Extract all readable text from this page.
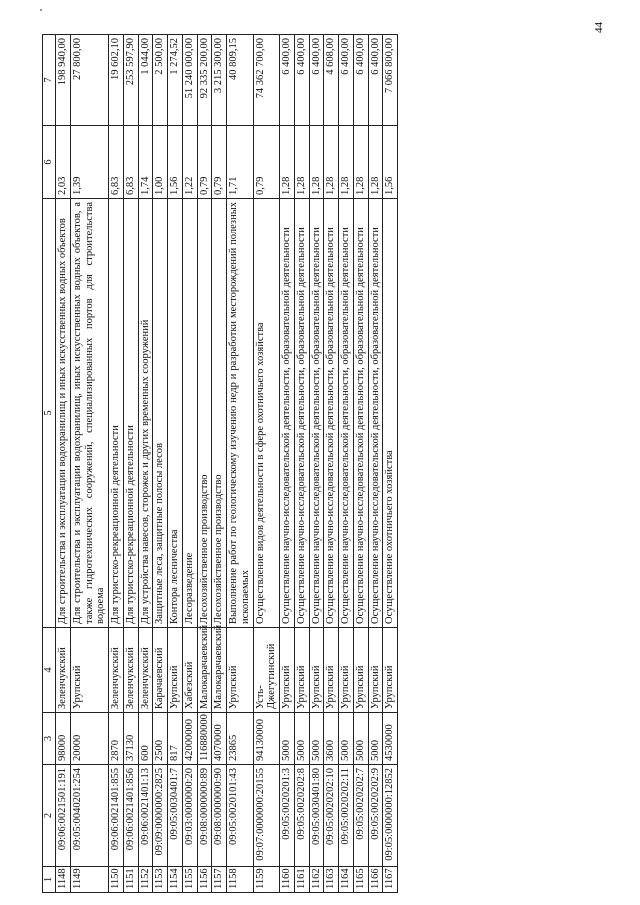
44
1	2	3	4	5	6	7
1148	09:06:0021501:191	98000	Зеленчукский	Для строительства и эксплуатации водохранилищ и иных искусственных водных объектов	2,03	198 940,00
1149	09:05:0040201:254	20000	Урупский	Для строительства и эксплуатации водохранилищ, иных искусственных водных объектов, а также гидротехнических сооружений, специализированных портов для строительства водоема	1,39	27 800,00
1150	09:06:0021401:855	2870	Зеленчукский	Для туристско-рекреационной деятельности	6,83	19 602,10
1151	09:06:0021401:856	37130	Зеленчукский	Для туристско-рекреационной деятельности	6,83	253 597,90
1152	09:06:0021401:13	600	Зеленчукский	Для устройства навесов, сторожек и других временных сооружений	1,74	1 044,00
1153	09:09:0000000:2825	2500	Карачаевский	Защитные леса, защитные полосы лесов	1,00	2 500,00
1154	09:05:0030401:7	817	Урупский	Контора лесничества	1,56	1 274,52
1155	09:03:0000000:20	42000000	Хабезский	Лесоразведение	1,22	51 240 000,00
1156	09:08:0000000:89	116880000	Малокарачаевский	Лесохозяйственное производство	0,79	92 335 200,00
1157	09:08:0000000:90	4070000	Малокарачаевский	Лесохозяйственное производство	0,79	3 215 300,00
1158	09:05:0020101:43	23865	Урупский	Выполнение работ по геологическому изучению недр и разработки месторождений полезных ископаемых	1,71	40 809,15
1159	09:07:0000000:20155	94130000	Усть-Джегутинский	Осуществление видов деятельности в сфере охотничьего хозяйства	0,79	74 362 700,00
1160	09:05:0020201:3	5000	Урупский	Осуществление научно-исследовательской деятельности, образовательной деятельности	1,28	6 400,00
1161	09:05:0020202:8	5000	Урупский	Осуществление научно-исследовательской деятельности, образовательной деятельности	1,28	6 400,00
1162	09:05:0030401:80	5000	Урупский	Осуществление научно-исследовательской деятельности, образовательной деятельности	1,28	6 400,00
1163	09:05:0020202:10	3600	Урупский	Осуществление научно-исследовательской деятельности, образовательной деятельности	1,28	4 608,00
1164	09:05:0020202:11	5000	Урупский	Осуществление научно-исследовательской деятельности, образовательной деятельности	1,28	6 400,00
1165	09:05:0020202:7	5000	Урупский	Осуществление научно-исследовательской деятельности, образовательной деятельности	1,28	6 400,00
1166	09:05:0020202:9	5000	Урупский	Осуществление научно-исследовательской деятельности, образовательной деятельности	1,28	6 400,00
1167	09:05:0000000:12852	4530000	Урупский	Осуществление охотничьего хозяйства	1,56	7 066 800,00
